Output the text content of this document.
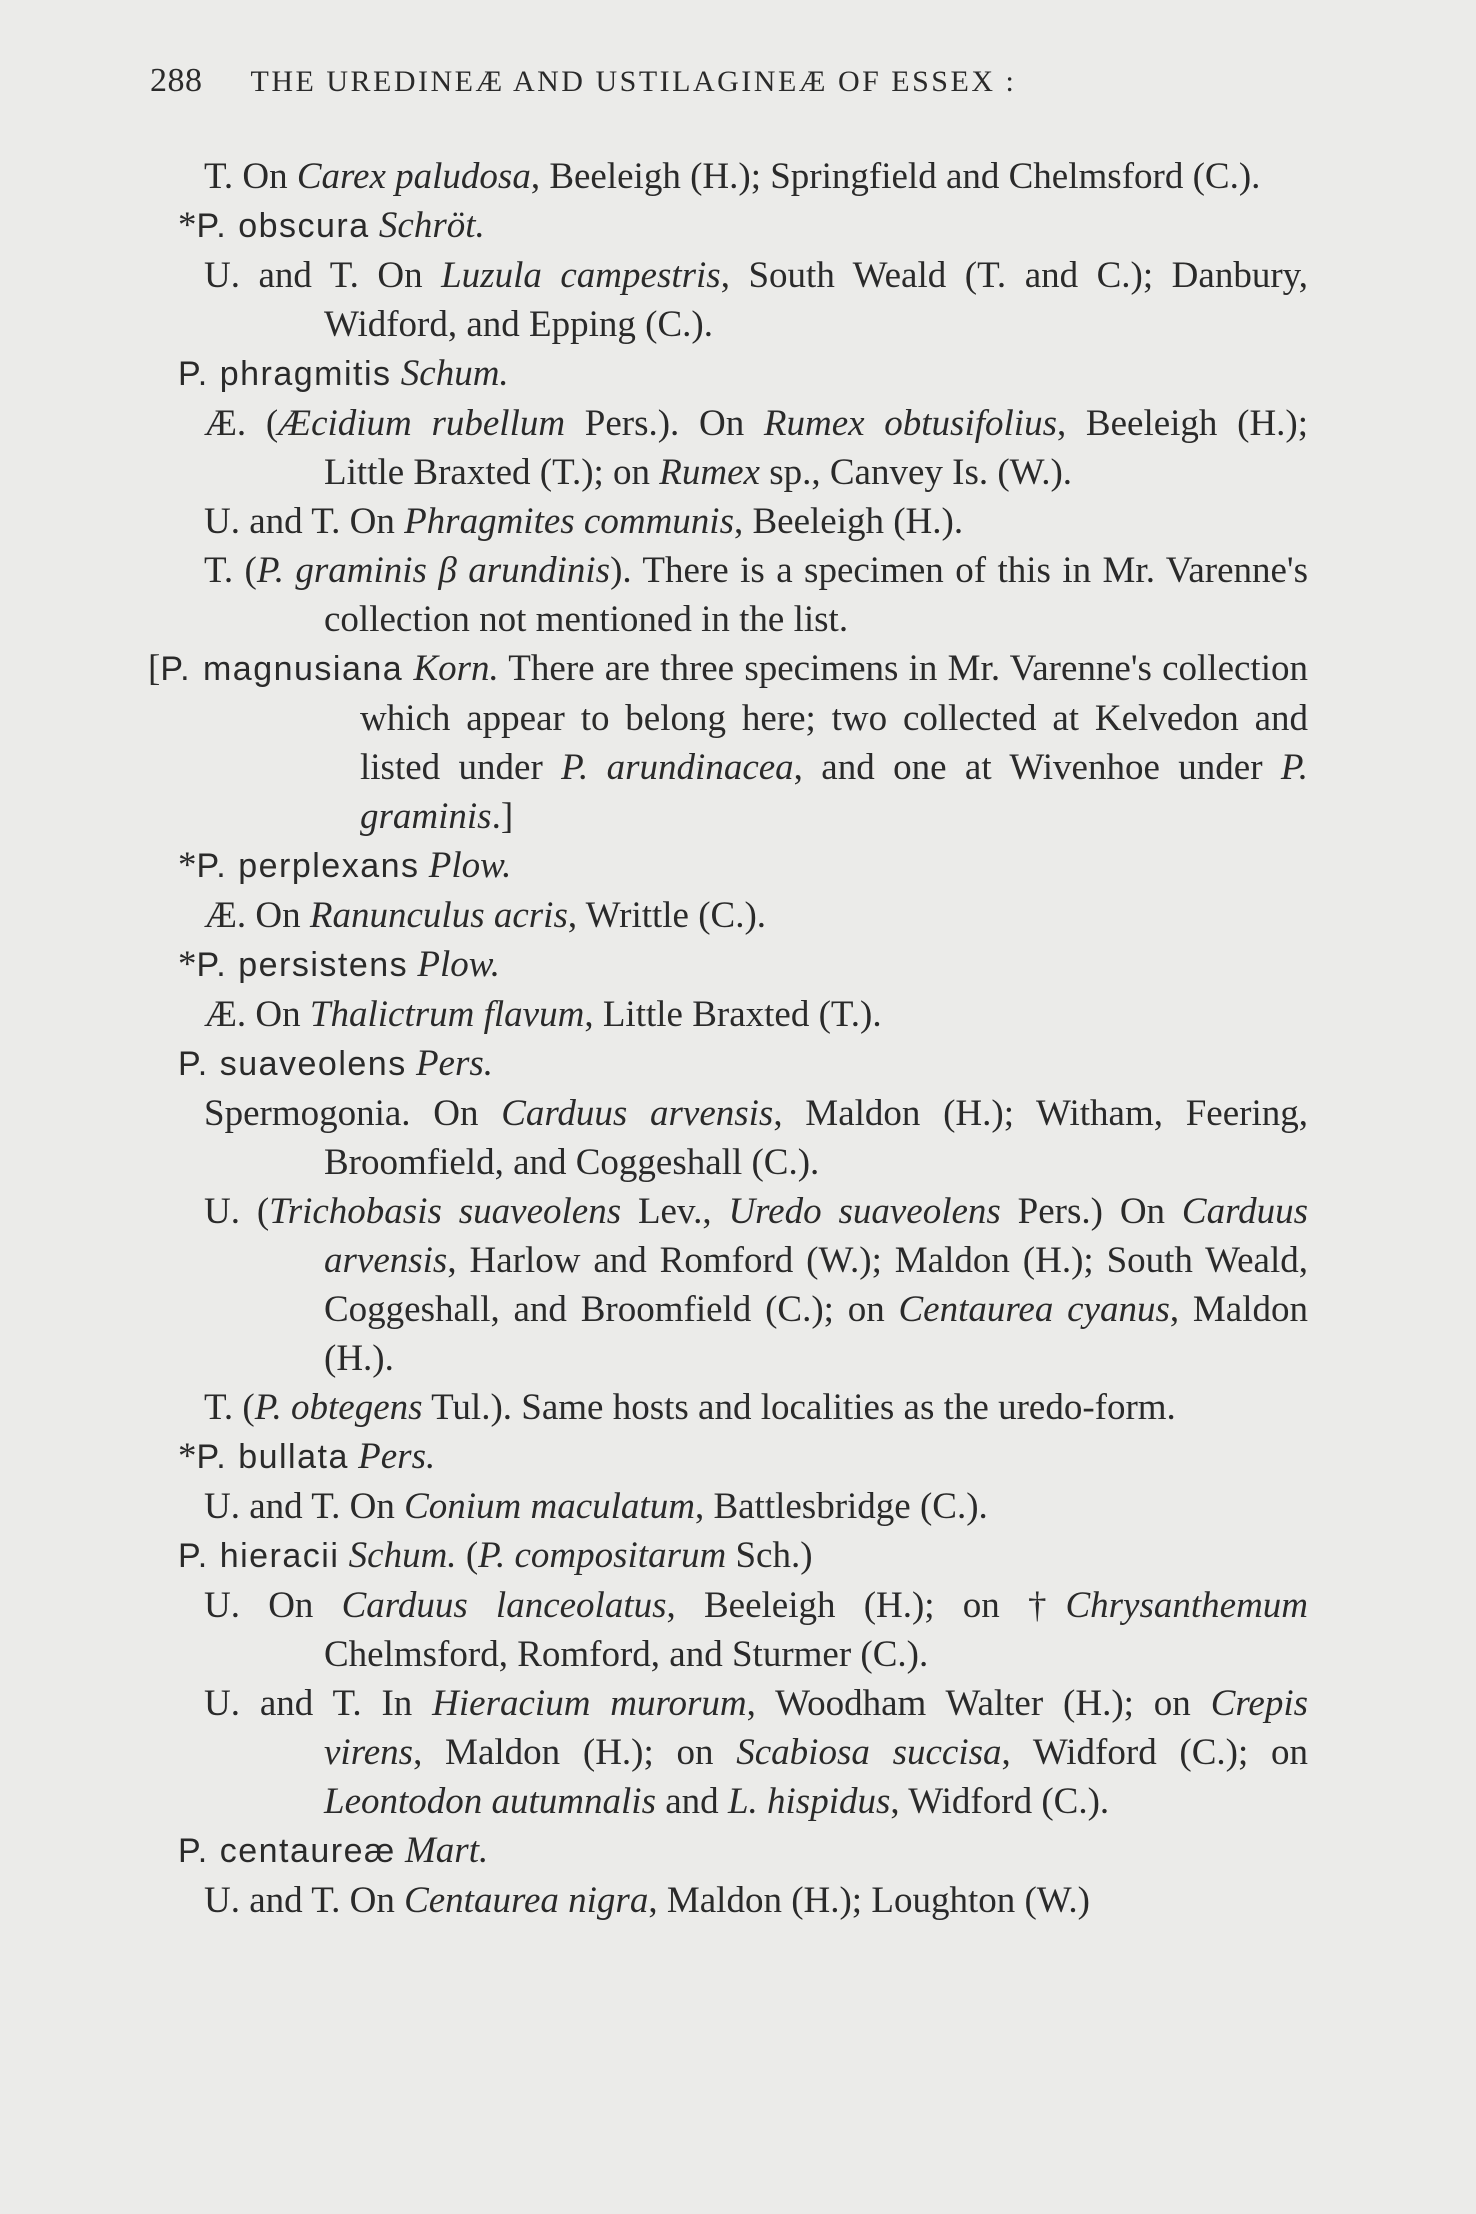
288 THE UREDINEÆ AND USTILAGINEÆ OF ESSEX :
T. On Carex paludosa, Beeleigh (H.); Springfield and Chelmsford (C.).
*P. obscura Schröt.
U. and T. On Luzula campestris, South Weald (T. and C.); Danbury, Widford, and Epping (C.).
P. phragmitis Schum.
Æ. (Æcidium rubellum Pers.). On Rumex obtusifolius, Beeleigh (H.); Little Braxted (T.); on Rumex sp., Canvey Is. (W.).
U. and T. On Phragmites communis, Beeleigh (H.).
T. (P. graminis β arundinis). There is a specimen of this in Mr. Varenne's collection not mentioned in the list.
[P. magnusiana Korn. There are three specimens in Mr. Varenne's collection which appear to belong here; two collected at Kelvedon and listed under P. arundinacea, and one at Wivenhoe under P. graminis.]
*P. perplexans Plow.
Æ. On Ranunculus acris, Writtle (C.).
*P. persistens Plow.
Æ. On Thalictrum flavum, Little Braxted (T.).
P. suaveolens Pers.
Spermogonia. On Carduus arvensis, Maldon (H.); Witham, Feering, Broomfield, and Coggeshall (C.).
U. (Trichobasis suaveolens Lev., Uredo suaveolens Pers.) On Carduus arvensis, Harlow and Romford (W.); Maldon (H.); South Weald, Coggeshall, and Broomfield (C.); on Centaurea cyanus, Maldon (H.).
T. (P. obtegens Tul.). Same hosts and localities as the uredo-form.
*P. bullata Pers.
U. and T. On Conium maculatum, Battlesbridge (C.).
P. hieracii Schum. (P. compositarum Sch.)
U. On Carduus lanceolatus, Beeleigh (H.); on †Chrysanthemum Chelmsford, Romford, and Sturmer (C.).
U. and T. In Hieracium murorum, Woodham Walter (H.); on Crepis virens, Maldon (H.); on Scabiosa succisa, Widford (C.); on Leontodon autumnalis and L. hispidus, Widford (C.).
P. centaureæ Mart.
U. and T. On Centaurea nigra, Maldon (H.); Loughton (W.)
